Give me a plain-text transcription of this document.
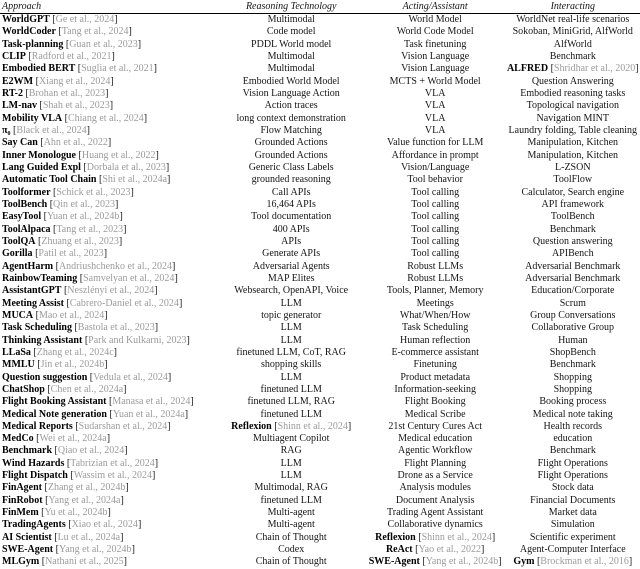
Approach	Reasoning Technology	Acting/Assistant	Interacting
WorldGPT [Ge et al., 2024]	Multimodal	World Model	WorldNet real-life scenarios
WorldCoder [Tang et al., 2024]	Code model	World Code Model	Sokoban, MiniGrid, AlfWorld
Task-planning [Guan et al., 2023]	PDDL World model	Task finetuning	AlfWorld
CLIP [Radford et al., 2021]	Multimodal	Vision Language	Benchmark
Embodied BERT [Suglia et al., 2021]	Multimodal	Vision Language	ALFRED [Shridhar et al., 2020]
E2WM [Xiang et al., 2024]	Embodied World Model	MCTS + World Model	Question Answering
RT-2 [Brohan et al., 2023]	Vision Language Action	VLA	Embodied reasoning tasks
LM-nav [Shah et al., 2023]	Action traces	VLA	Topological navigation
Mobility VLA [Chiang et al., 2024]	long context demonstration	VLA	Navigation MINT
π₀ [Black et al., 2024]	Flow Matching	VLA	Laundry folding, Table cleaning
Say Can [Ahn et al., 2022]	Grounded Actions	Value function for LLM	Manipulation, Kitchen
Inner Monologue [Huang et al., 2022]	Grounded Actions	Affordance in prompt	Manipulation, Kitchen
Lang Guided Expl [Dorbala et al., 2023]	Generic Class Labels	Vision/Language	L-ZSON
Automatic Tool Chain [Shi et al., 2024a]	grounded reasoning	Tool behavior	ToolFlow
Toolformer [Schick et al., 2023]	Call APIs	Tool calling	Calculator, Search engine
ToolBench [Qin et al., 2023]	16,464 APIs	Tool calling	API framework
EasyTool [Yuan et al., 2024b]	Tool documentation	Tool calling	ToolBench
ToolAlpaca [Tang et al., 2023]	400 APIs	Tool calling	Benchmark
ToolQA [Zhuang et al., 2023]	APIs	Tool calling	Question answering
Gorilla [Patil et al., 2023]	Generate APIs	Tool calling	APIBench
AgentHarm [Andriushchenko et al., 2024]	Adversarial Agents	Robust LLMs	Adversarial Benchmark
RainbowTeaming [Samvelyan et al., 2024]	MAP Elites	Robust LLMs	Adversarial Benchmark
AssistantGPT [Neszlényi et al., 2024]	Websearch, OpenAPI, Voice	Tools, Planner, Memory	Education/Corporate
Meeting Assist [Cabrero-Daniel et al., 2024]	LLM	Meetings	Scrum
MUCA [Mao et al., 2024]	topic generator	What/When/How	Group Conversations
Task Scheduling [Bastola et al., 2023]	LLM	Task Scheduling	Collaborative Group
Thinking Assistant [Park and Kulkarni, 2023]	LLM	Human reflection	Human
LLaSa [Zhang et al., 2024c]	finetuned LLM, CoT, RAG	E-commerce assistant	ShopBench
MMLU [Jin et al., 2024b]	shopping skills	Finetuning	Benchmark
Question suggestion [Vedula et al., 2024]	LLM	Product metadata	Shopping
ChatShop [Chen et al., 2024a]	finetuned LLM	Information-seeking	Shopping
Flight Booking Assistant [Manasa et al., 2024]	finetuned LLM, RAG	Flight Booking	Booking process
Medical Note generation [Yuan et al., 2024a]	finetuned LLM	Medical Scribe	Medical note taking
Medical Reports [Sudarshan et al., 2024]	Reflexion [Shinn et al., 2024]	21st Century Cures Act	Health records
MedCo [Wei et al., 2024a]	Multiagent Copilot	Medical education	education
Benchmark [Qiao et al., 2024]	RAG	Agentic Workflow	Benchmark
Wind Hazards [Tabrizian et al., 2024]	LLM	Flight Planning	Flight Operations
Flight Dispatch [Wassim et al., 2024]	LLM	Drone as a Service	Flight Operations
FinAgent [Zhang et al., 2024b]	Multimodal, RAG	Analysis modules	Stock data
FinRobot [Yang et al., 2024a]	finetuned LLM	Document Analysis	Financial Documents
FinMem [Yu et al., 2024b]	Multi-agent	Trading Agent Assistant	Market data
TradingAgents [Xiao et al., 2024]	Multi-agent	Collaborative dynamics	Simulation
AI Scientist [Lu et al., 2024a]	Chain of Thought	Reflexion [Shinn et al., 2024]	Scientific experiment
SWE-Agent [Yang et al., 2024b]	Codex	ReAct [Yao et al., 2022]	Agent-Computer Interface
MLGym [Nathani et al., 2025]	Chain of Thought	SWE-Agent [Yang et al., 2024b]	Gym [Brockman et al., 2016]
